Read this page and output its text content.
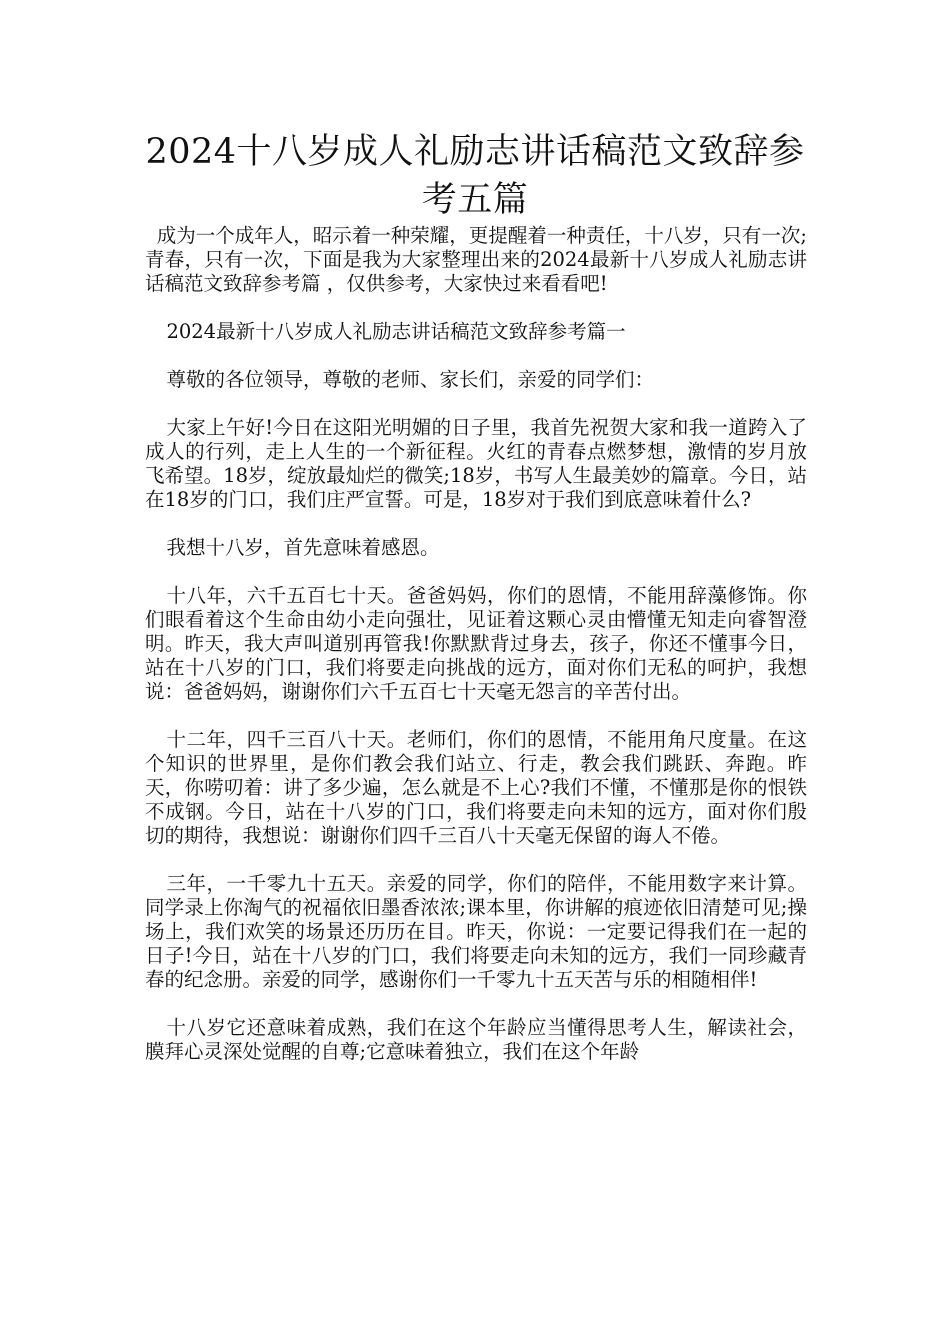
2024十八岁成人礼励志讲话稿范文致辞参考五篇

成为一个成年人，昭示着一种荣耀，更提醒着一种责任，十八岁，只有一次;青春，只有一次，下面是我为大家整理出来的2024最新十八岁成人礼励志讲话稿范文致辞参考篇 ，仅供参考，大家快过来看看吧!

2024最新十八岁成人礼励志讲话稿范文致辞参考篇一

尊敬的各位领导，尊敬的老师、家长们，亲爱的同学们：

大家上午好!今日在这阳光明媚的日子里，我首先祝贺大家和我一道跨入了成人的行列，走上人生的一个新征程。火红的青春点燃梦想，激情的岁月放飞希望。18岁，绽放最灿烂的微笑;18岁，书写人生最美妙的篇章。今日，站在18岁的门口，我们庄严宣誓。可是，18岁对于我们到底意味着什么?

我想十八岁，首先意味着感恩。

十八年，六千五百七十天。爸爸妈妈，你们的恩情，不能用辞藻修饰。你们眼看着这个生命由幼小走向强壮，见证着这颗心灵由懵懂无知走向睿智澄明。昨天，我大声叫道别再管我!你默默背过身去，孩子，你还不懂事今日，站在十八岁的门口，我们将要走向挑战的远方，面对你们无私的呵护，我想说：爸爸妈妈，谢谢你们六千五百七十天毫无怨言的辛苦付出。

十二年，四千三百八十天。老师们，你们的恩情，不能用角尺度量。在这个知识的世界里，是你们教会我们站立、行走，教会我们跳跃、奔跑。昨天，你唠叨着：讲了多少遍，怎么就是不上心?我们不懂，不懂那是你的恨铁不成钢。今日，站在十八岁的门口，我们将要走向未知的远方，面对你们殷切的期待，我想说：谢谢你们四千三百八十天毫无保留的诲人不倦。

三年，一千零九十五天。亲爱的同学，你们的陪伴，不能用数字来计算。同学录上你淘气的祝福依旧墨香浓浓;课本里，你讲解的痕迹依旧清楚可见;操场上，我们欢笑的场景还历历在目。昨天，你说：一定要记得我们在一起的日子!今日，站在十八岁的门口，我们将要走向未知的远方，我们一同珍藏青春的纪念册。亲爱的同学，感谢你们一千零九十五天苦与乐的相随相伴!

十八岁它还意味着成熟，我们在这个年龄应当懂得思考人生，解读社会，膜拜心灵深处觉醒的自尊;它意味着独立，我们在这个年龄
